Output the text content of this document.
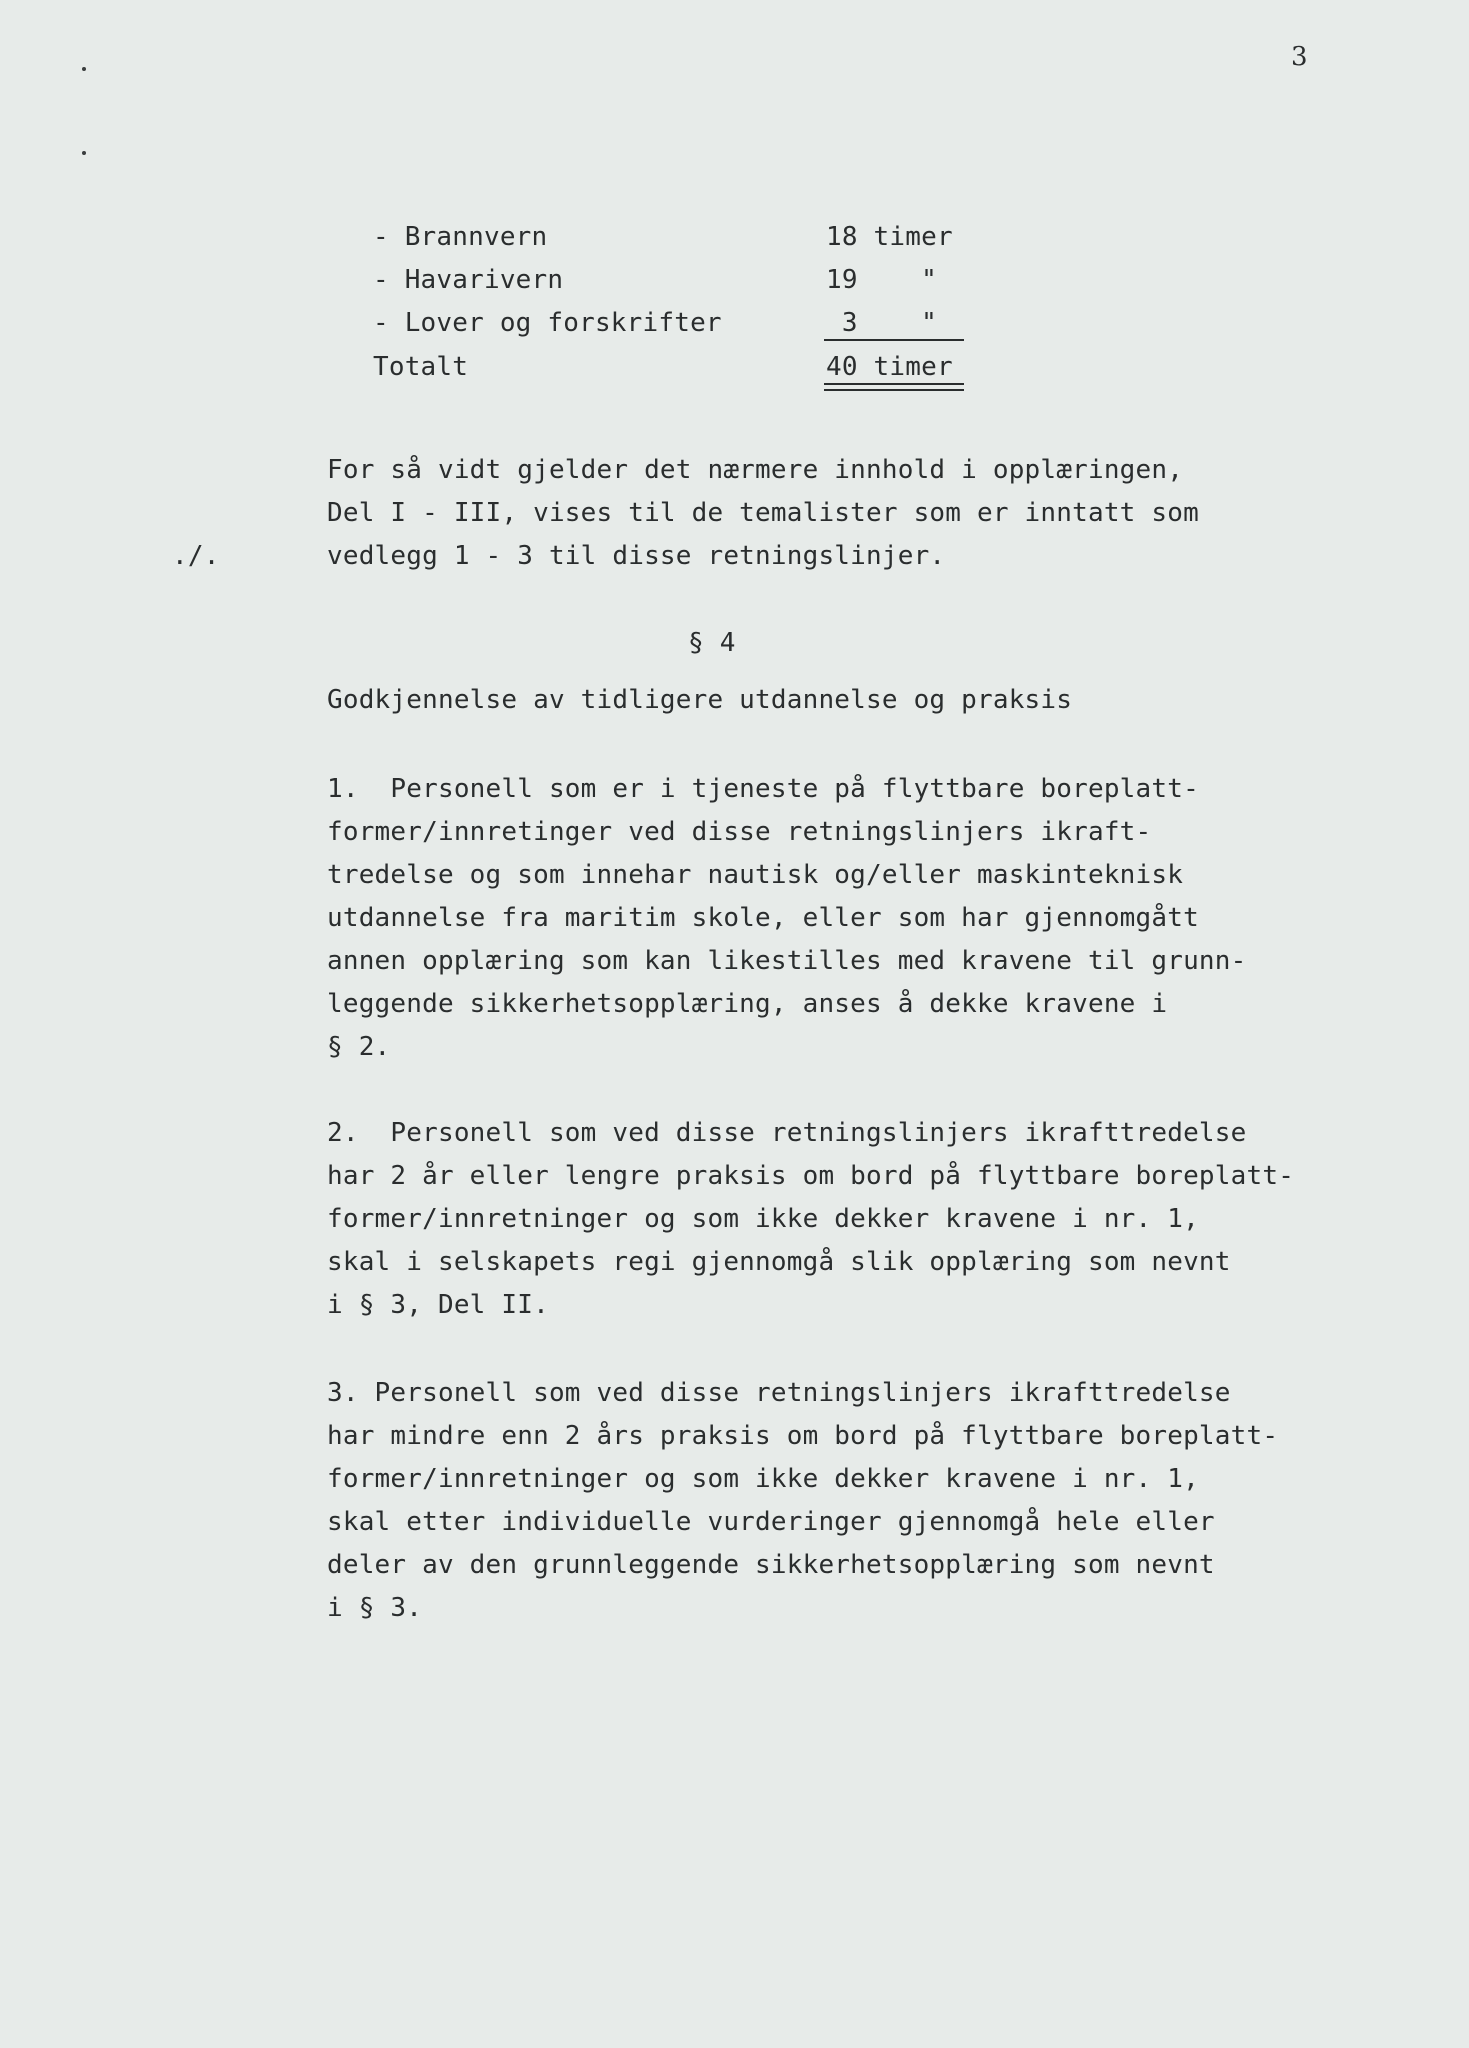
3
- Brannvern	18 timer
- Havarivern	19    "
- Lover og forskrifter	3    "
Totalt	40 timer
For så vidt gjelder det nærmere innhold i opplæringen,
Del I - III, vises til de temalister som er inntatt som
vedlegg 1 - 3 til disse retningslinjer.
./.
§ 4
Godkjennelse av tidligere utdannelse og praksis
1.  Personell som er i tjeneste på flyttbare boreplatt-
former/innretinger ved disse retningslinjers ikraft-
tredelse og som innehar nautisk og/eller maskinteknisk
utdannelse fra maritim skole, eller som har gjennomgått
annen opplæring som kan likestilles med kravene til grunn-
leggende sikkerhetsopplæring, anses å dekke kravene i
§ 2.
2.  Personell som ved disse retningslinjers ikrafttredelse
har 2 år eller lengre praksis om bord på flyttbare boreplatt-
former/innretninger og som ikke dekker kravene i nr. 1,
skal i selskapets regi gjennomgå slik opplæring som nevnt
i § 3, Del II.
3. Personell som ved disse retningslinjers ikrafttredelse
har mindre enn 2 års praksis om bord på flyttbare boreplatt-
former/innretninger og som ikke dekker kravene i nr. 1,
skal etter individuelle vurderinger gjennomgå hele eller
deler av den grunnleggende sikkerhetsopplæring som nevnt
i § 3.
